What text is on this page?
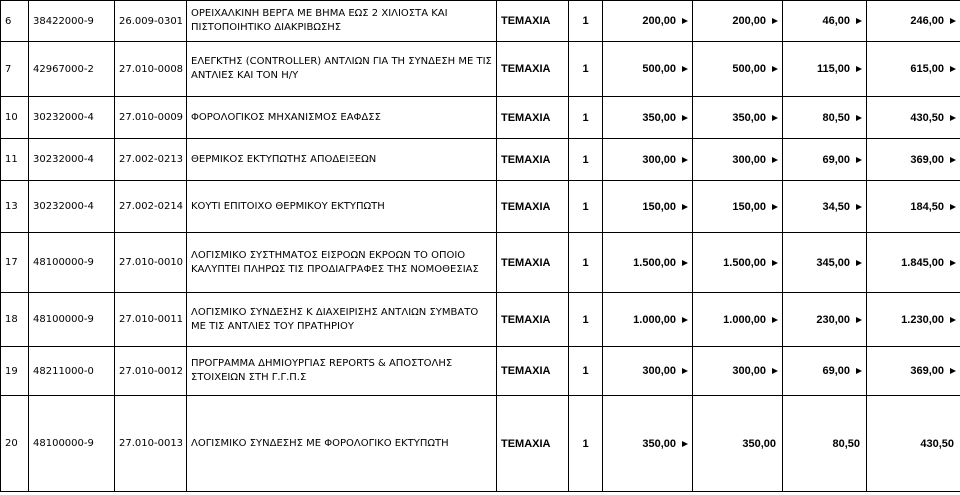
6	38422000-9	26.009-0301	ΟΡΕΙΧΑΛΚΙΝΗ ΒΕΡΓΑ ΜΕ ΒΗΜΑ ΕΩΣ 2 ΧΙΛΙΟΣΤΑ ΚΑΙ ΠΙΣΤΟΠΟΙΗΤΙΚΟ ΔΙΑΚΡΙΒΩΣΗΣ	ΤΕΜΑΧΙΑ	1	200,00	200,00	46,00	246,00
7	42967000-2	27.010-0008	ΕΛΕΓΚΤΗΣ (CONTROLLER) ΑΝΤΛΙΩΝ ΓΙΑ ΤΗ ΣΥΝΔΕΣΗ ΜΕ ΤΙΣ ΑΝΤΛΙΕΣ ΚΑΙ ΤΟΝ Η/Υ	ΤΕΜΑΧΙΑ	1	500,00	500,00	115,00	615,00
10	30232000-4	27.010-0009	ΦΟΡΟΛΟΓΙΚΟΣ ΜΗΧΑΝΙΣΜΟΣ ΕΑΦΔΣΣ	ΤΕΜΑΧΙΑ	1	350,00	350,00	80,50	430,50
11	30232000-4	27.002-0213	ΘΕΡΜΙΚΟΣ ΕΚΤΥΠΩΤΗΣ ΑΠΟΔΕΙΞΕΩΝ	ΤΕΜΑΧΙΑ	1	300,00	300,00	69,00	369,00
13	30232000-4	27.002-0214	ΚΟΥΤΙ ΕΠΙΤΟΙΧΟ ΘΕΡΜΙΚΟΥ ΕΚΤΥΠΩΤΗ	ΤΕΜΑΧΙΑ	1	150,00	150,00	34,50	184,50
17	48100000-9	27.010-0010	ΛΟΓΙΣΜΙΚΟ ΣΥΣΤΗΜΑΤΟΣ ΕΙΣΡΟΩΝ ΕΚΡΟΩΝ ΤΟ ΟΠΟΙΟ ΚΑΛΥΠΤΕΙ ΠΛΗΡΩΣ ΤΙΣ ΠΡΟΔΙΑΓΡΑΦΕΣ ΤΗΣ ΝΟΜΟΘΕΣΙΑΣ	ΤΕΜΑΧΙΑ	1	1.500,00	1.500,00	345,00	1.845,00
18	48100000-9	27.010-0011	ΛΟΓΙΣΜΙΚΟ ΣΥΝΔΕΣΗΣ Κ ΔΙΑΧΕΙΡΙΣΗΣ ΑΝΤΛΙΩΝ ΣΥΜΒΑΤΟ ΜΕ ΤΙΣ ΑΝΤΛΙΕΣ ΤΟΥ ΠΡΑΤΗΡΙΟΥ	ΤΕΜΑΧΙΑ	1	1.000,00	1.000,00	230,00	1.230,00
19	48211000-0	27.010-0012	ΠΡΟΓΡΑΜΜΑ ΔΗΜΙΟΥΡΓΙΑΣ REPORTS & ΑΠΟΣΤΟΛΗΣ ΣΤΟΙΧΕΙΩΝ ΣΤΗ Γ.Γ.Π.Σ	ΤΕΜΑΧΙΑ	1	300,00	300,00	69,00	369,00
20	48100000-9	27.010-0013	ΛΟΓΙΣΜΙΚΟ ΣΥΝΔΕΣΗΣ ΜΕ ΦΟΡΟΛΟΓΙΚΟ ΕΚΤΥΠΩΤΗ	ΤΕΜΑΧΙΑ	1	350,00	350,00	80,50	430,50
